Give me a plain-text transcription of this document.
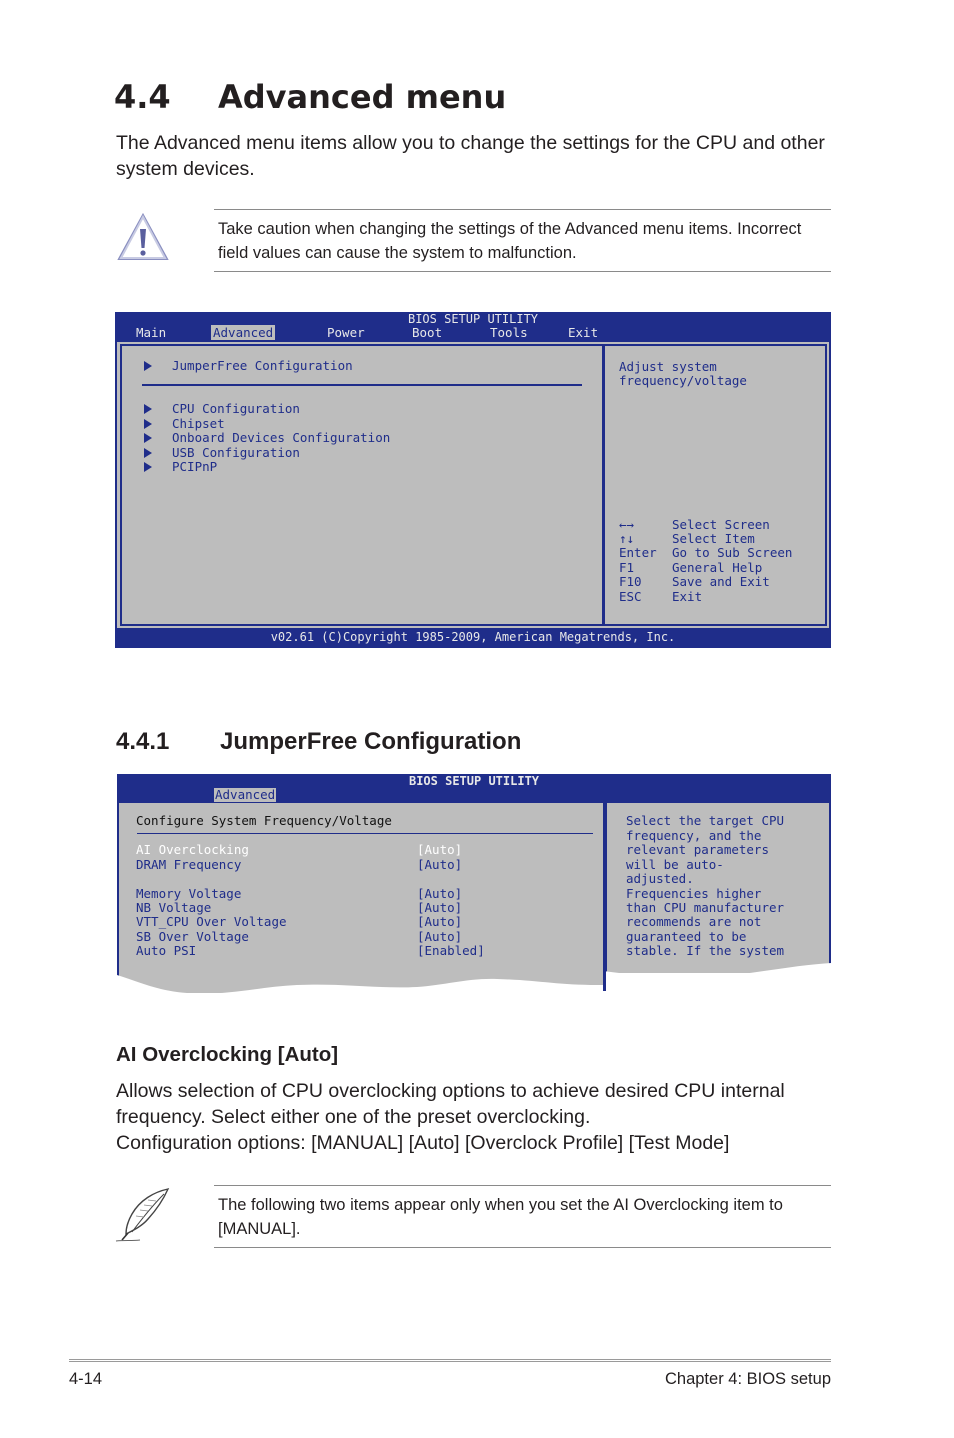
4.4 Advanced menu
The Advanced menu items allow you to change the settings for the CPU and other system devices.
Take caution when changing the settings of the Advanced menu items. Incorrect field values can cause the system to malfunction.
BIOS SETUP UTILITY
Main	Advanced	Power	Boot	Tools	Exit
JumperFree Configuration
CPU Configuration
Chipset
Onboard Devices Configuration
USB Configuration
PCIPnP
Adjust system
frequency/voltage
←→	Select Screen
↑↓	Select Item
Enter Go to Sub Screen
F1	General Help
F10 Save and Exit
ESC Exit
v02.61 (C)Copyright 1985-2009, American Megatrends, Inc.
4.4.1 JumperFree Configuration
BIOS SETUP UTILITY
Advanced
Configure System Frequency/Voltage
AI Overclocking	[Auto]
DRAM Frequency	[Auto]
Memory Voltage	[Auto]
NB Voltage	[Auto]
VTT_CPU Over Voltage	[Auto]
SB Over Voltage	[Auto]
Auto PSI	[Enabled]
Select the target CPU
frequency, and the
relevant parameters
will be auto-
adjusted.
Frequencies higher
than CPU manufacturer
recommends are not
guaranteed to be
stable. If the system
AI Overclocking [Auto]
Allows selection of CPU overclocking options to achieve desired CPU internal
frequency. Select either one of the preset overclocking.
Configuration options: [MANUAL] [Auto] [Overclock Profile] [Test Mode]
The following two items appear only when you set the AI Overclocking item to [MANUAL].
4-14	Chapter 4: BIOS setup
